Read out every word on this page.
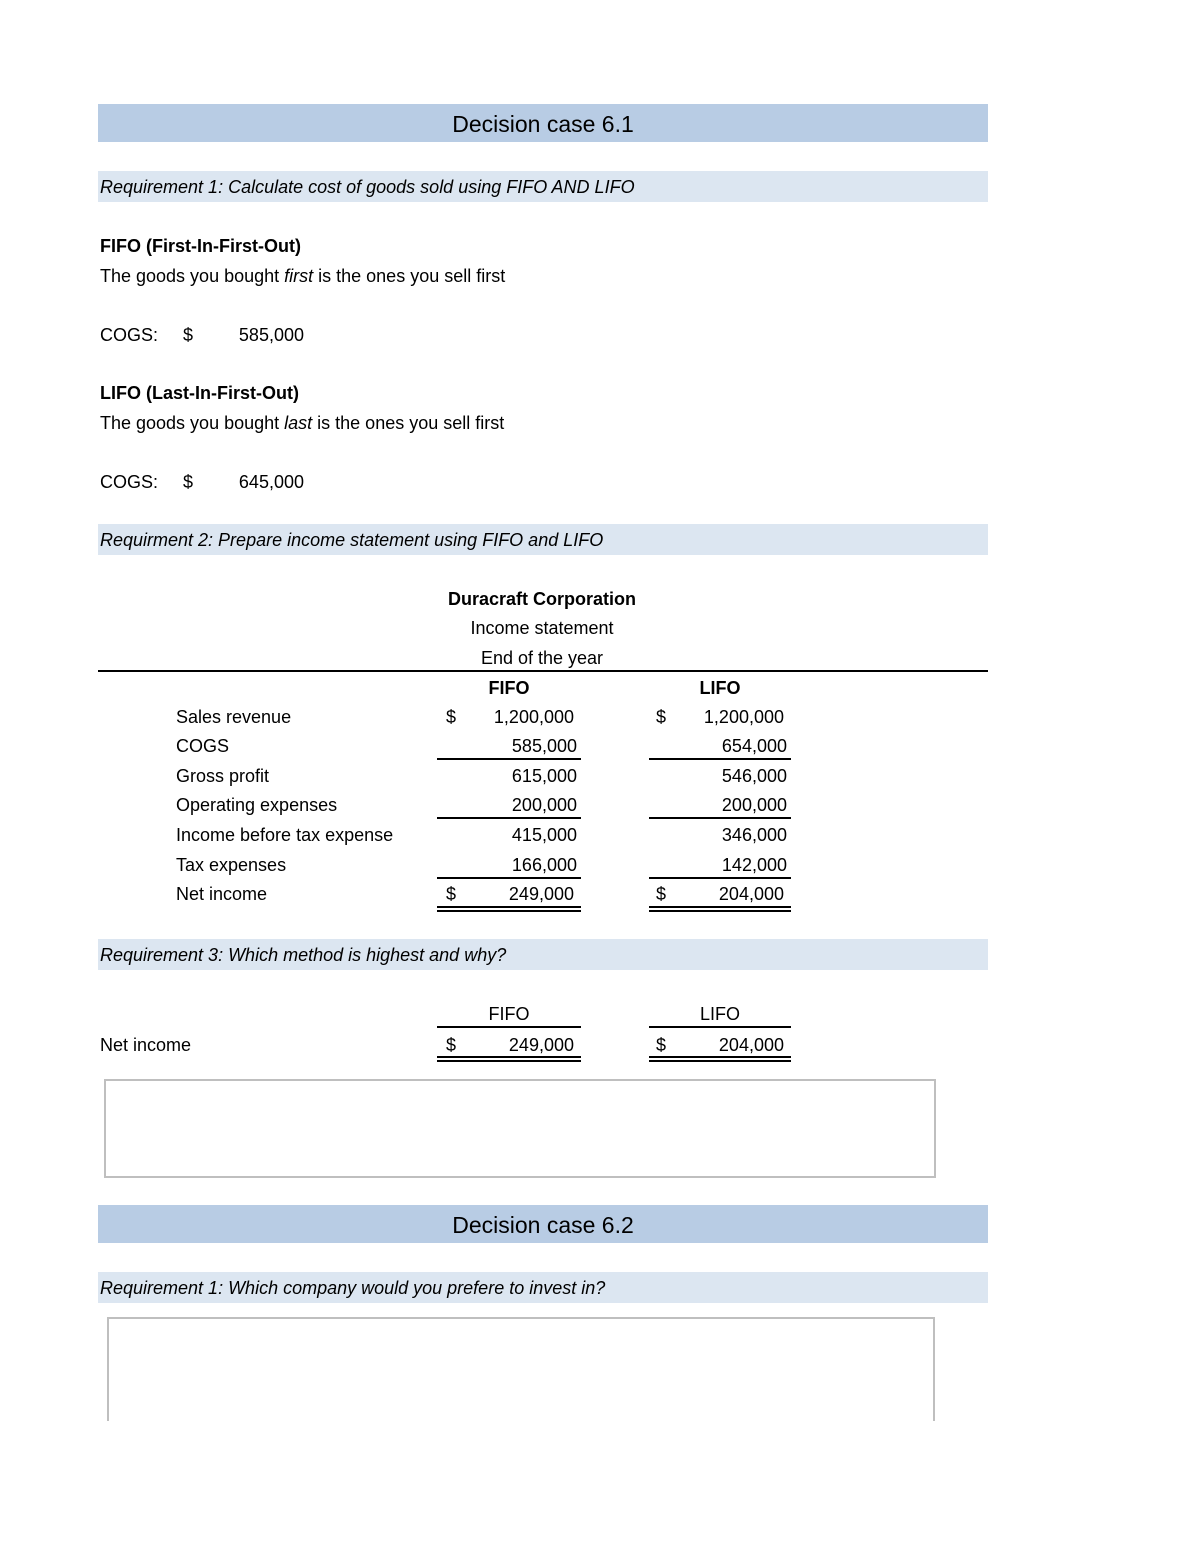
Decision case 6.1
Requirement 1: Calculate cost of goods sold using FIFO AND LIFO
FIFO (First-In-First-Out)
The goods you bought first is the ones you sell first
COGS: $	585,000
LIFO (Last-In-First-Out)
The goods you bought last is the ones you sell first
COGS: $	645,000
Requirment 2: Prepare income statement using FIFO and LIFO
Duracraft Corporation
Income statement
End of the year
FIFO	LIFO
Sales revenue	$	1,200,000	$	1,200,000
COGS	585,000	654,000
Gross profit	615,000	546,000
Operating expenses	200,000	200,000
Income before tax expense	415,000	346,000
Tax expenses	166,000	142,000
Net income	$	249,000	$	204,000
Requirement 3: Which method is highest and why?
FIFO	LIFO
Net income	$	249,000	$	204,000
Decision case 6.2
Requirement 1: Which company would you prefere to invest in?
